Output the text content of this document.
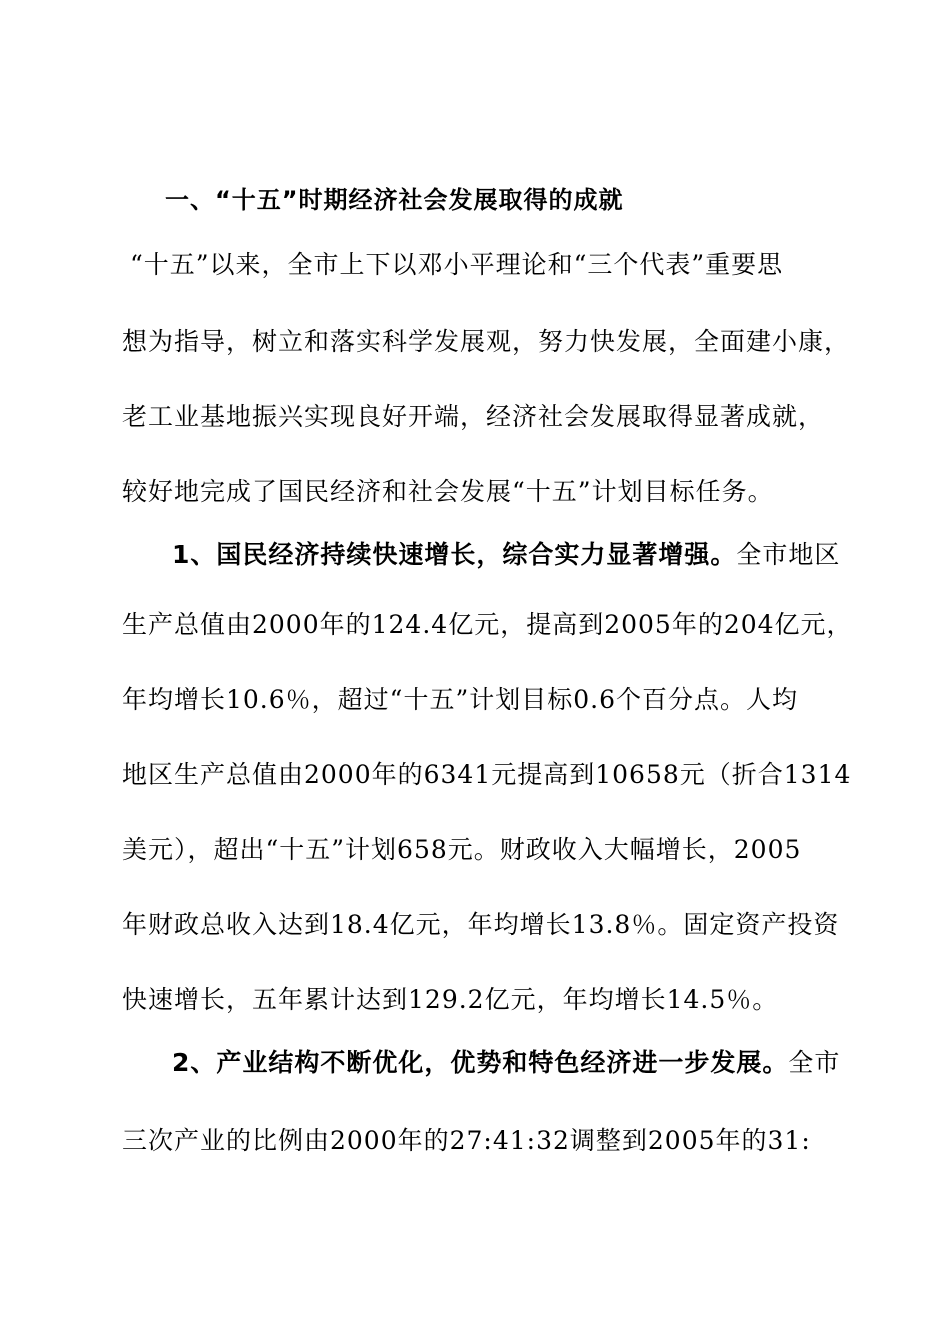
一、“十五”时期经济社会发展取得的成就

“十五”以来，全市上下以邓小平理论和“三个代表”重要思

想为指导，树立和落实科学发展观，努力快发展，全面建小康，

老工业基地振兴实现良好开端，经济社会发展取得显著成就，

较好地完成了国民经济和社会发展“十五”计划目标任务。

1、国民经济持续快速增长，综合实力显著增强。全市地区

生产总值由2000年的124.4亿元，提高到2005年的204亿元，

年均增长10.6％，超过“十五”计划目标0.6个百分点。人均

地区生产总值由2000年的6341元提高到10658元（折合1314

美元），超出“十五”计划658元。财政收入大幅增长，2005

年财政总收入达到18.4亿元，年均增长13.8％。固定资产投资

快速增长，五年累计达到129.2亿元，年均增长14.5％。

2、产业结构不断优化，优势和特色经济进一步发展。全市

三次产业的比例由2000年的27:41:32调整到2005年的31:
